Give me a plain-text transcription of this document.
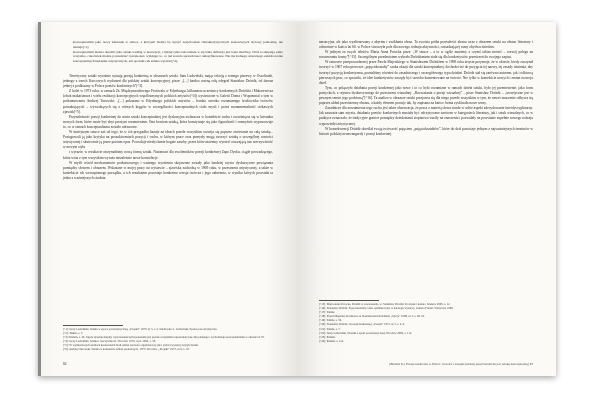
Konceptualizm jako nowy kierunek w sztuce, a któryem można by łączyć zespół-sztuk charakterystycznych stanowiących stylowy jednostkę, nie istnieje[^1].

Konceptualizm można określić jako sztuki według w koncepcji, i dyktuj tylko tak istniała w stycznia definicja jest bada możliwy. Dróż ta skupiają samo wszystko, cokolwiek można powiedzieć i przekonać, wykłując to, co już zostało sprawdzone i skłasyfikowane. Nie ma żadnego sztucznego zakłobowanie konceptualnych kierunku artystycznych, ani opcanki cek sztuka wyrażać[^2].

Teoretyczny sztuki wyraźnie sytuują poezję konkretną w obszarach sztuki. Sam Ludwiński, mając relację z tomego piszewy w Ossolinieh, jednego z trzech Ifaccowych wydarzeń dla polskiej sztuki koncepcyjnej, pisze: „[...] bardzo ważną rolę odegrał Stanisław Dróżdż, od dawna jednej z podkszany w Polsce poetów konkretnych”[^3].

Z kolei w 1973 roku, w ramach 2b. Międzynarodowego Festiwalu w Edynburgu, kilkunastu uczestnicy konkretnych Dróżdża i Makarewicza (obok makarianwa i wielu realizacji koncepcyjnych wspólistnymych polskich artystów[^4]) wystawione w Galerii Doma i Wspomnial o tym w podsumowaniu Andrzej Turowski: „[...] pokazano w Edynburgu polskich artystów – bardzo szeroko rozumianego środowiska twórców poszukujących – wywodzących się z różnych kręgów w szczególności konceptualnych ciało mysli i przez monumentalność ciekawych zjawisk[^5].

Przynależność poezji konkretnej do nurtu sztuki konceptualnej jest dyskusyjna zwłaszcza w kontekście ruchu i rozwinięcia się w kierunku nowych form, które może być zbyt prostym rozumieniem. Ona bowiem sztuką, która konstytuuje się jako figuralność i rozmyśnie wypracowuje to, co w ramach konceptualizmu zostało odrzucone.

W niniejszym sztuce zaś od tego, że w ich przypadku bazuje na ideach przede wszystkim rozwija się poprzez otwieranie na całą sztukę... Postępowali ją jako krytyka na poszukiwaniach pozycji i ruchu, w którym prace oraz pomysły mogą tworzyć sztukę o szczególnej wartości artystycznej i skutecznie ją przez poziom opus. Powoduje niesłychanie bogate zasoby, przez które możemy wyrazić otaczającą nas rzeczywistość w nowym stylu

i wyrazie, w rezultacie otrzymaliśmy nową formę sztuki. Natomiast dla zwolenników poezji konkretnej Zapo Dysku, ciągle prowadzącego, która wraz z tym wszystkim wyraża niezależnie nowe konstelacje.

W myśli wśród mechanizmów podstawowego i ważnego wyrażenia skojarzone zostały jako bardziej czysto dyskursywne powiązania pomiędzy słowem i obrazem. Wskazane w mojej pracy na wystawie – zjawiska zachodzą w 1969 roku, w przestrzeni artystycznej, a także w kontekście ich wewnętrznego porządku, a ich rezultatem pozostaje konkretna wersja twórcza i jego założenia, w wyniku których powstała ta jedna z ważniejszych struktur.

[^1]: Jerzy Ludwiński, Sztuka w epoce postartystycznej, „Projekt” 1970, nr 3, s. 4. Studia jako J. Ludwiński, Epoka post-artystyczna.
[^2]: Tamże, s. 5.
[^3]: Ibidem, s. 26. Ujęcie zjawisk między wystawienniczymi pokazami jest przede wszystkim reprezentatywne dla polskiego i zachodniego konceptualizmu w okresie lat 70.
[^4]: Jerzy Ludwiński, Sztuka i rzeczywistość, Wrocław 1976, wyd. 2002, s. 56.
[^5]: W wymienionych studiach kuratorskich brali udział zarówno organizatorzy jak i artyści wystawy krytyk Sztuki.
[^6]: Andrzej Turowski, Sztuka w kontekście zmian społecznych, 1973, Wrocław, „Projekt” 1973, nr 6, s. 18.
82

narracyjna, ale jako wyalienowany z abyrinu i uwikłania obraz. Ta swoista próba przeszłości złomu wraz z obrazem sztuki na obszar literatury i odwrotnie w końcu lat 60. w Polsce stworzyła pole dla nowego rodzaju aktywności, rozsadzającej ramy obydwu dziedzin.

W jednym za swych tekstów Maria Anna Potocka pisze: „W sztuce – a to w ogóle możemy a czymś takim mówić – rozwój polega na rozszerzaniu formy”[^15]. Szczególnym przedmiotem wybrała Dróżdżaniem stała się dla konkretystów przestrzeń do swojego zapisu.

W ramowie przeprowadzonej przez Pawła Majerskiego w Stanisławem Dróżdżem w 1998 roku artysta przyznaje, że w okresie, kiedy zaczynał tworzyć w 1967 roku pierwsze „pojęciokształty” szuka okazji dla sztuki konceptualnej, dochodzi też do przyjęcia tej nazwy, tej zasady istnienia, aby tworzyć pozycję konkretyzmu, poznaliśmy również do zasadniczego i szczegółowego typu działań. Dróżdż stał się zarówno autorem, jak i odbiorcą pierwszych prac, co sprawiło, że idee konkretystów zaczęły być szeroko komentowane na świecie. Nie tylko w kontekście nowych i zmian rozwoju dzieł.

Tym, co połączyło działania poezji konkretnej jako nowe i to co było rozumiane w ramach dzieła sztuki, było jej przeniesienie, jako form poetyckich, z rejestru dyskursywnego do przestrzeni wizualnej. „Rozważania o poezji wizualnej” – pisze Stanisław Dróżdż – „teoretyczne jest w pewnym sensie jego podstawą”[^16]. Ta analiza w obszarze sztuki przejawia się dla niego przede wszystkim w tym, że nawet znaczenie odbywa się poprzez układ przestrzenny obrazu, a każdy element pracuje tak, by zapisana na kartce forma zyskiwała nowe sensy.

Zasadnicze dla zrozumienia tego ruchu jest także obserwacja, że praca z materią słowa niosła w sobie aspekt zdecydowanie interdyscyplinarny. Jak zauważa sam artysta, działania poetów konkretnych musiały być odczytywane zarówno w kategoriach literatury, jak i sztuk wizualnych, co w praktyce oznaczało, że tradycyjne granice pomiędzy dziedzinami stopniowo traciły na znaczeniu i pozwalały na powstanie zupełnie nowego rodzaju wypowiedzi artystycznej.

W konsekwencji Dróżdż określał swoją twórczość pojęciem „pojęciokształtów”, które do dziś pozostaje jednym z najważniejszych terminów w historii polskiej neoawangardy i poezji konkretnej.

[^15]: Maria Anna Potocka, Dróżdż w zawieszeniu, w: Stanisław Dróżdż. Początek i koniec, Kraków 2009, s. 12.
[^16]: Stanisław Dróżdż, Pojęciokształty, tekst opublikowany w katalogu wystawy, Galeria Foksal, Warszawa 1968.
[^17]: Tamże.
[^18]: Paweł Majerski, Rozmowa ze Stanisławem Dróżdżem, „Opcje” 1998, nr 3, s. 48–52.
[^19]: Tamże, s. 50.
[^20]: Stanisław Dróżdż, O poezji konkretnej, „Poezja” 1972, nr 5, s. 4–9.
[^21]: Tamże, s. 7.
[^22]: Jerzy Ludwiński, Notatki z epoki postartystycznej, Wrocław 2009, s. 112.
[^23]: Ibidem.
[^24]: Ibidem, s. 114.
[Bieńkoł K.] Poezja konkretna w Polsce: Granice i związki polskiej poezji konkretnej ze sztuką konceptualną] 83
